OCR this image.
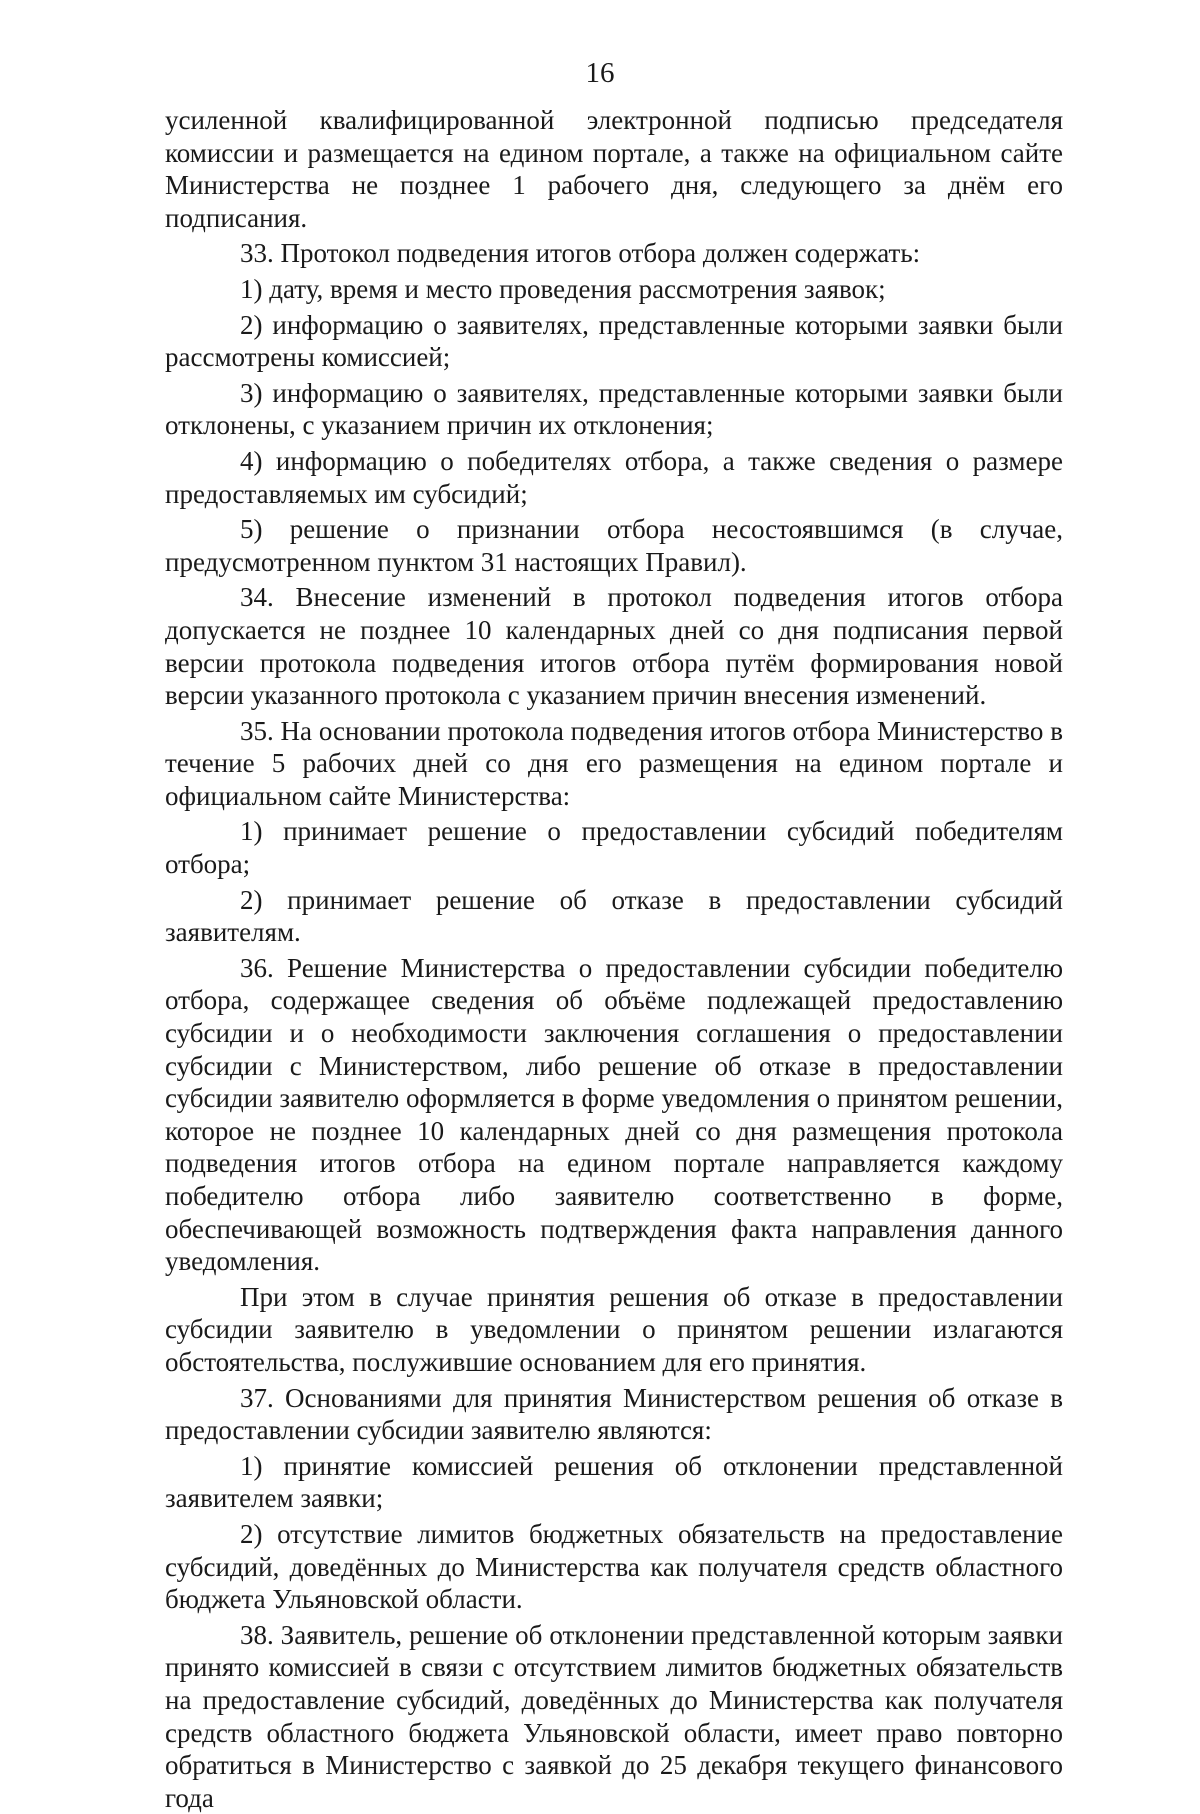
16

усиленной квалифицированной электронной подписью председателя комиссии и размещается на едином портале, а также на официальном сайте Министерства не позднее 1 рабочего дня, следующего за днём его подписания.

33. Протокол подведения итогов отбора должен содержать:

1) дату, время и место проведения рассмотрения заявок;

2) информацию о заявителях, представленные которыми заявки были рассмотрены комиссией;

3) информацию о заявителях, представленные которыми заявки были отклонены, с указанием причин их отклонения;

4) информацию о победителях отбора, а также сведения о размере предоставляемых им субсидий;

5) решение о признании отбора несостоявшимся (в случае, предусмотренном пунктом 31 настоящих Правил).

34. Внесение изменений в протокол подведения итогов отбора допускается не позднее 10 календарных дней со дня подписания первой версии протокола подведения итогов отбора путём формирования новой версии указанного протокола с указанием причин внесения изменений.

35. На основании протокола подведения итогов отбора Министерство в течение 5 рабочих дней со дня его размещения на едином портале и официальном сайте Министерства:

1) принимает решение о предоставлении субсидий победителям отбора;

2) принимает решение об отказе в предоставлении субсидий заявителям.

36. Решение Министерства о предоставлении субсидии победителю отбора, содержащее сведения об объёме подлежащей предоставлению субсидии и о необходимости заключения соглашения о предоставлении субсидии с Министерством, либо решение об отказе в предоставлении субсидии заявителю оформляется в форме уведомления о принятом решении, которое не позднее 10 календарных дней со дня размещения протокола подведения итогов отбора на едином портале направляется каждому победителю отбора либо заявителю соответственно в форме, обеспечивающей возможность подтверждения факта направления данного уведомления.

При этом в случае принятия решения об отказе в предоставлении субсидии заявителю в уведомлении о принятом решении излагаются обстоятельства, послужившие основанием для его принятия.

37. Основаниями для принятия Министерством решения об отказе в предоставлении субсидии заявителю являются:

1) принятие комиссией решения об отклонении представленной заявителем заявки;

2) отсутствие лимитов бюджетных обязательств на предоставление субсидий, доведённых до Министерства как получателя средств областного бюджета Ульяновской области.

38. Заявитель, решение об отклонении представленной которым заявки принято комиссией в связи с отсутствием лимитов бюджетных обязательств на предоставление субсидий, доведённых до Министерства как получателя средств областного бюджета Ульяновской области, имеет право повторно обратиться в Министерство с заявкой до 25 декабря текущего финансового года
